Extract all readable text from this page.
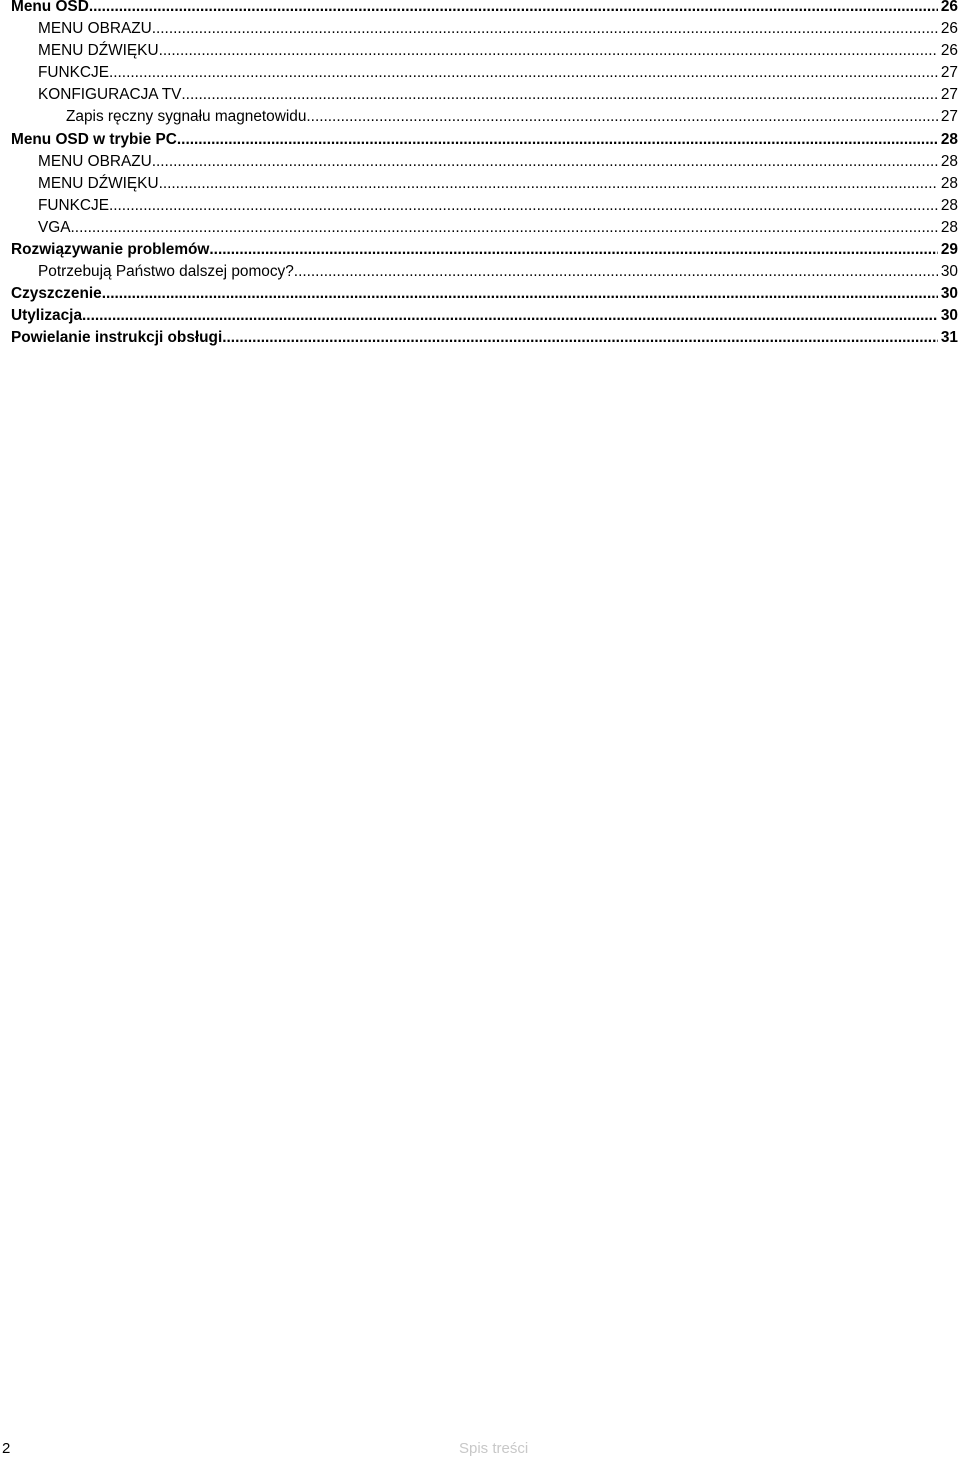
Menu OSD .....	26
MENU OBRAZU .....	26
MENU DŹWIĘKU .....	26
FUNKCJE .....	27
KONFIGURACJA TV .....	27
Zapis ręczny sygnału magnetowidu .....	27
Menu OSD w trybie PC .....	28
MENU OBRAZU .....	28
MENU DŹWIĘKU .....	28
FUNKCJE .....	28
VGA .....	28
Rozwiązywanie problemów .....	29
Potrzebują Państwo dalszej pomocy? .....	30
Czyszczenie .....	30
Utylizacja .....	30
Powielanie instrukcji obsługi .....	31
2	Spis treści
